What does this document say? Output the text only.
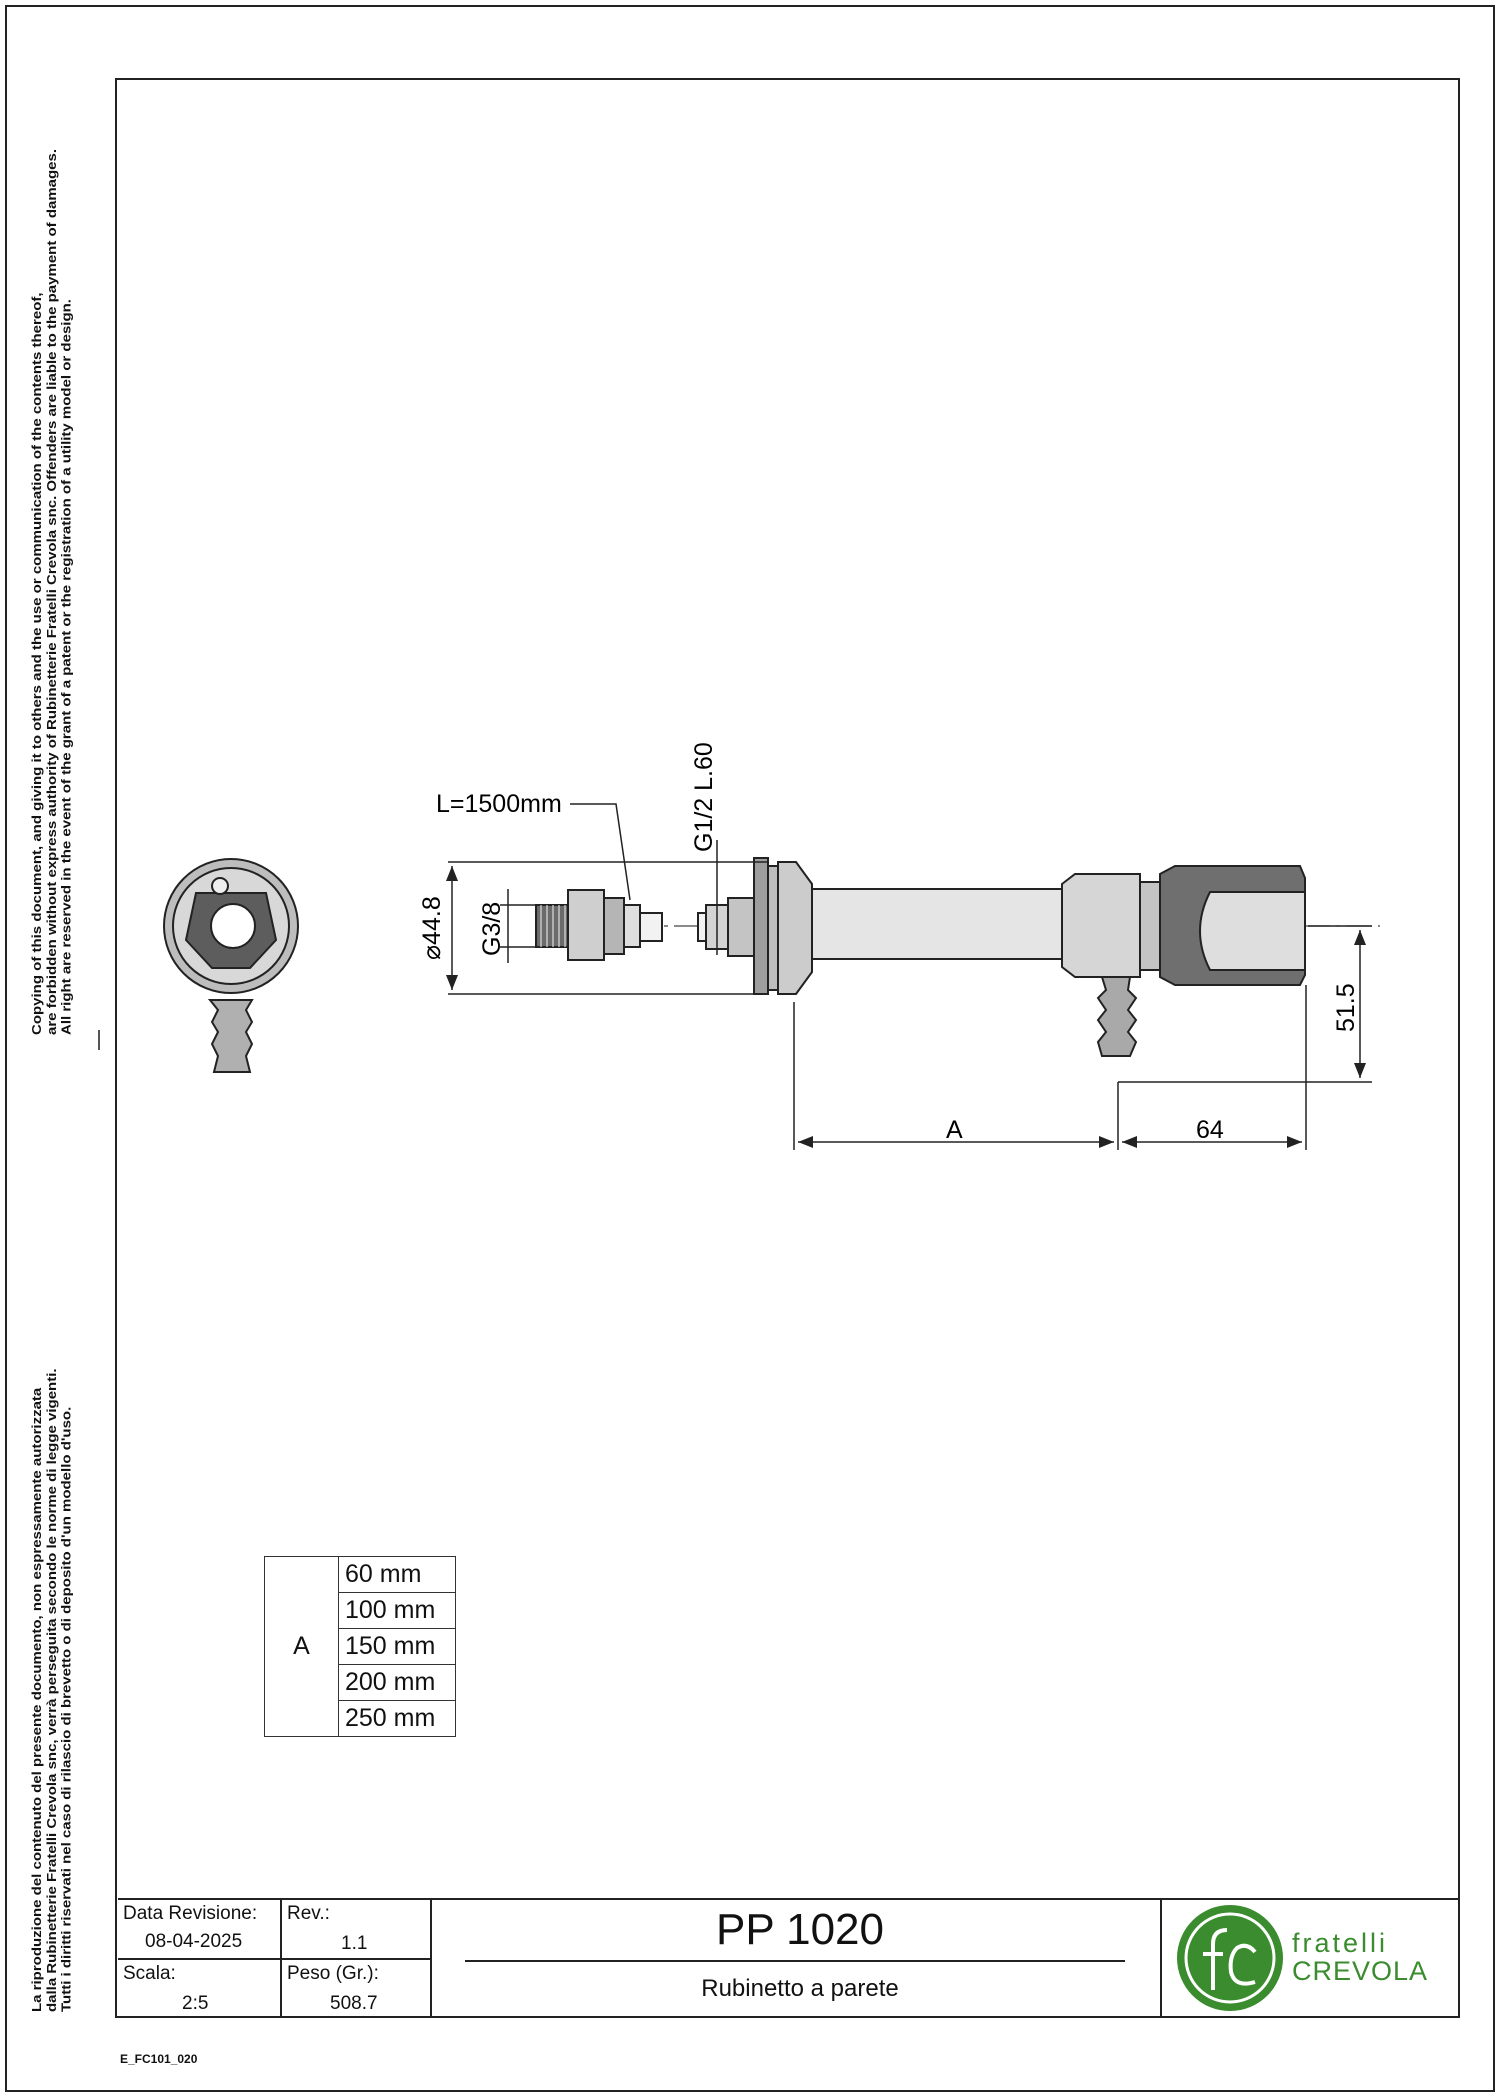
Copying of this document, and giving it to others and the use or communication of the contents thereof, are forbidden without express authority of Rubinetterie Fratelli Crevola snc. Offenders are liable to the payment of damages. All right are reserved in the event of the grant of a patent or the registration of a utility model or design.
La riproduzione del contenuto del presente documento, non espressamente autorizzata dalla Rubinetterie Fratelli Crevola snc, verrà perseguita secondo le norme di legge vigenti. Tutti i diritti riservati nel caso di rilascio di brevetto o di deposito d'un modello d'uso.
L=1500mm	G1/2 L.60
⌀44.8 G3/8
51.5
A	64
A	60 mm
100 mm
150 mm
200 mm
250 mm
Data Revisione:
08-04-2025
Rev.:
1.1
Scala:
2:5
Peso (Gr.):
508.7
PP 1020
Rubinetto a parete
fratelli
CREVOLA
E_FC101_020
